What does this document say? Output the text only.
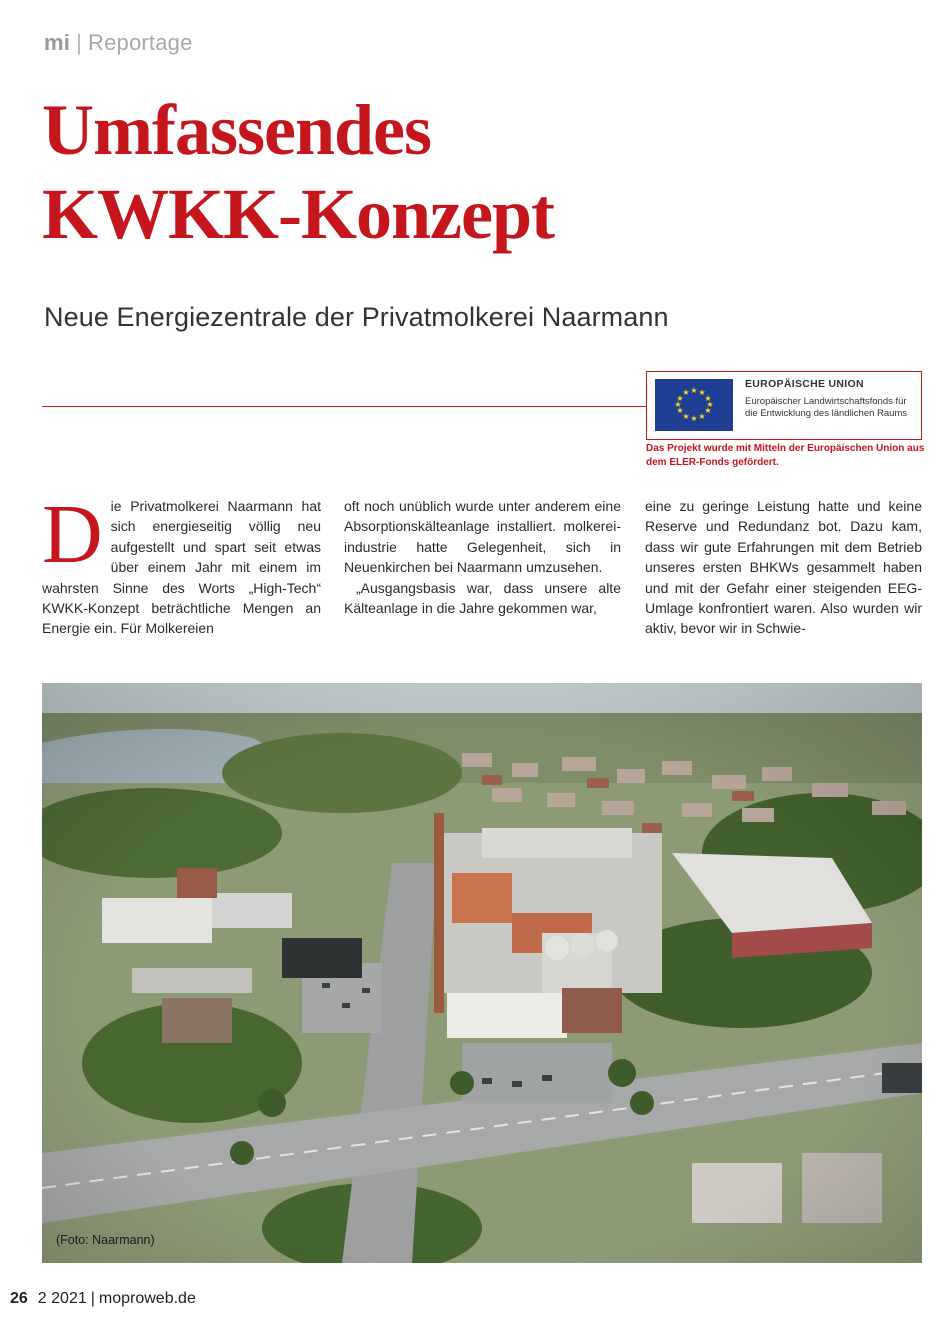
mi | Reportage
Umfassendes
KWKK-Konzept
Neue Energiezentrale der Privatmolkerei Naarmann
★ ★
★
★
★
★
★
★
★
★
★
★
EUROPÄISCHE UNION
Europäischer Landwirtschaftsfonds für die Entwicklung des ländlichen Raums
Das Projekt wurde mit Mitteln der Europäischen Union aus dem ELER-Fonds gefördert.
D ie Privatmolkerei Naarmann hat sich energieseitig völlig neu aufgestellt und spart seit etwas über einem Jahr mit einem im wahrsten Sinne des Worts „High-Tech“ KWKK-Konzept beträchtliche Mengen an Energie ein. Für Molkereien

oft noch unüblich wurde unter anderem eine Absorptionskälteanlage installiert. molkerei-industrie hatte Gelegenheit, sich in Neuenkirchen bei Naarmann umzusehen.

„Ausgangsbasis war, dass unsere alte Kälteanlage in die Jahre gekommen war,

eine zu geringe Leistung hatte und keine Reserve und Redundanz bot. Dazu kam, dass wir gute Erfahrungen mit dem Betrieb unseres ersten BHKWs gesammelt haben und mit der Gefahr einer steigenden EEG-Umlage konfrontiert waren. Also wurden wir aktiv, bevor wir in Schwie-

(Foto: Naarmann)
26 2 2021 | moproweb.de
